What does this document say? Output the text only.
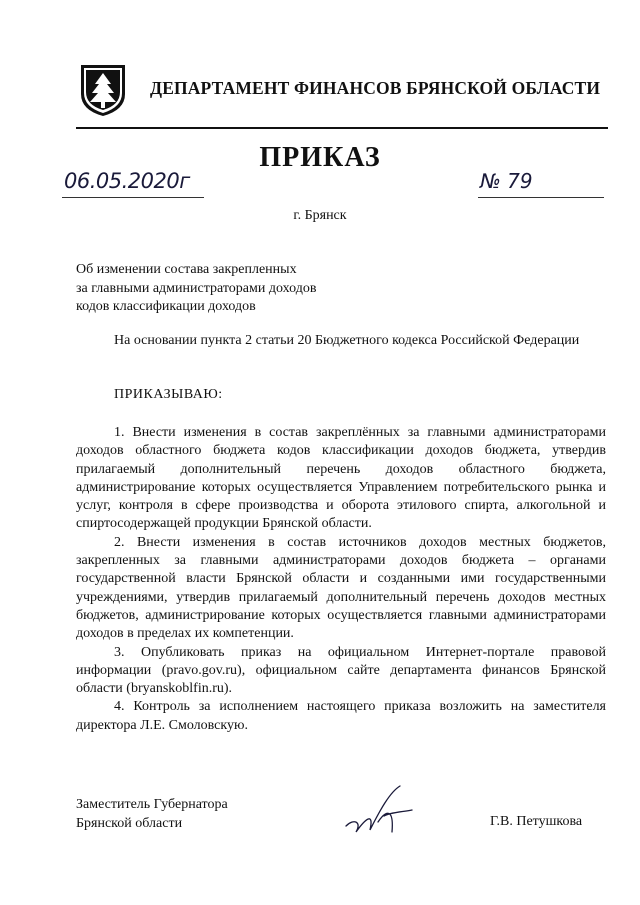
ДЕПАРТАМЕНТ ФИНАНСОВ БРЯНСКОЙ ОБЛАСТИ
ПРИКАЗ
06.05.2020г	№ 79
г. Брянск
Об изменении состава закрепленных
за главными администраторами доходов
кодов классификации доходов
На основании пункта 2 статьи 20 Бюджетного кодекса Российской Федерации
ПРИКАЗЫВАЮ:

1. Внести изменения в состав закреплённых за главными администраторами доходов областного бюджета кодов классификации доходов бюджета, утвердив прилагаемый дополнительный перечень доходов областного бюджета, администрирование которых осуществляется Управлением потребительского рынка и услуг, контроля в сфере производства и оборота этилового спирта, алкогольной и спиртосодержащей продукции Брянской области.

2. Внести изменения в состав источников доходов местных бюджетов, закрепленных за главными администраторами доходов бюджета – органами государственной власти Брянской области и созданными ими государственными учреждениями, утвердив прилагаемый дополнительный перечень доходов местных бюджетов, администрирование которых осуществляется главными администраторами доходов в пределах их компетенции.

3. Опубликовать приказ на официальном Интернет-портале правовой информации (pravo.gov.ru), официальном сайте департамента финансов Брянской области (bryanskoblfin.ru).

4. Контроль за исполнением настоящего приказа возложить на заместителя директора Л.Е. Смоловскую.

Заместитель Губернатора
Брянской области	Г.В. Петушкова
